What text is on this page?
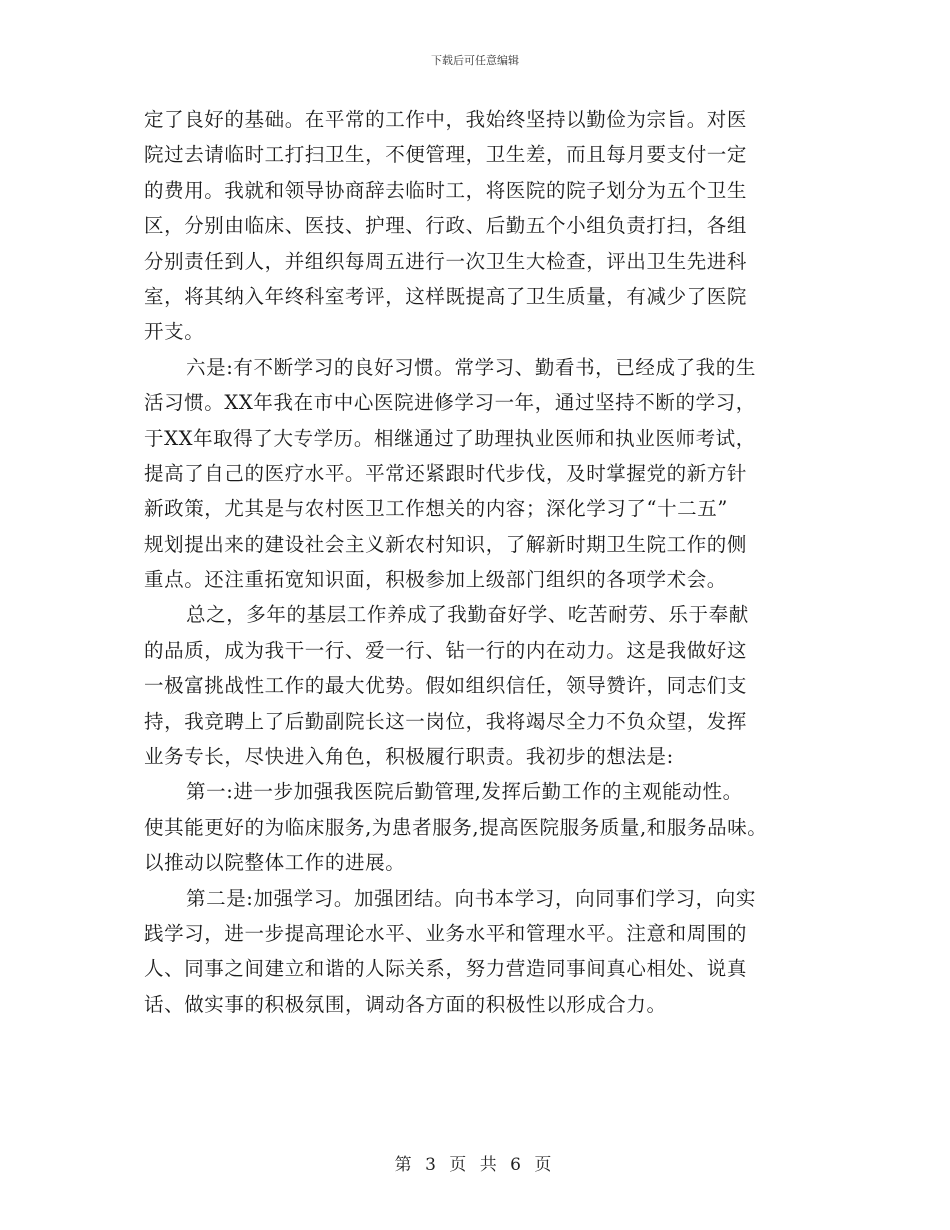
下载后可任意编辑
定了良好的基础。在平常的工作中，我始终坚持以勤俭为宗旨。对医
院过去请临时工打扫卫生，不便管理，卫生差，而且每月要支付一定
的费用。我就和领导协商辞去临时工，将医院的院子划分为五个卫生
区，分别由临床、医技、护理、行政、后勤五个小组负责打扫，各组
分别责任到人，并组织每周五进行一次卫生大检查，评出卫生先进科
室，将其纳入年终科室考评，这样既提高了卫生质量，有减少了医院
开支。
六是:有不断学习的良好习惯。常学习、勤看书，已经成了我的生
活习惯。XX年我在市中心医院进修学习一年，通过坚持不断的学习，
于XX年取得了大专学历。相继通过了助理执业医师和执业医师考试，
提高了自己的医疗水平。平常还紧跟时代步伐，及时掌握党的新方针
新政策，尤其是与农村医卫工作想关的内容；深化学习了“十二五”
规划提出来的建设社会主义新农村知识，了解新时期卫生院工作的侧
重点。还注重拓宽知识面，积极参加上级部门组织的各项学术会。
总之，多年的基层工作养成了我勤奋好学、吃苦耐劳、乐于奉献
的品质，成为我干一行、爱一行、钻一行的内在动力。这是我做好这
一极富挑战性工作的最大优势。假如组织信任，领导赞许，同志们支
持，我竞聘上了后勤副院长这一岗位，我将竭尽全力不负众望，发挥
业务专长，尽快进入角色，积极履行职责。我初步的想法是:
第一:进一步加强我医院后勤管理,发挥后勤工作的主观能动性。
使其能更好的为临床服务,为患者服务,提高医院服务质量,和服务品味。
以推动以院整体工作的进展。
第二是:加强学习。加强团结。向书本学习，向同事们学习，向实
践学习，进一步提高理论水平、业务水平和管理水平。注意和周围的
人、同事之间建立和谐的人际关系，努力营造同事间真心相处、说真
话、做实事的积极氛围，调动各方面的积极性以形成合力。
第 3 页 共 6 页
